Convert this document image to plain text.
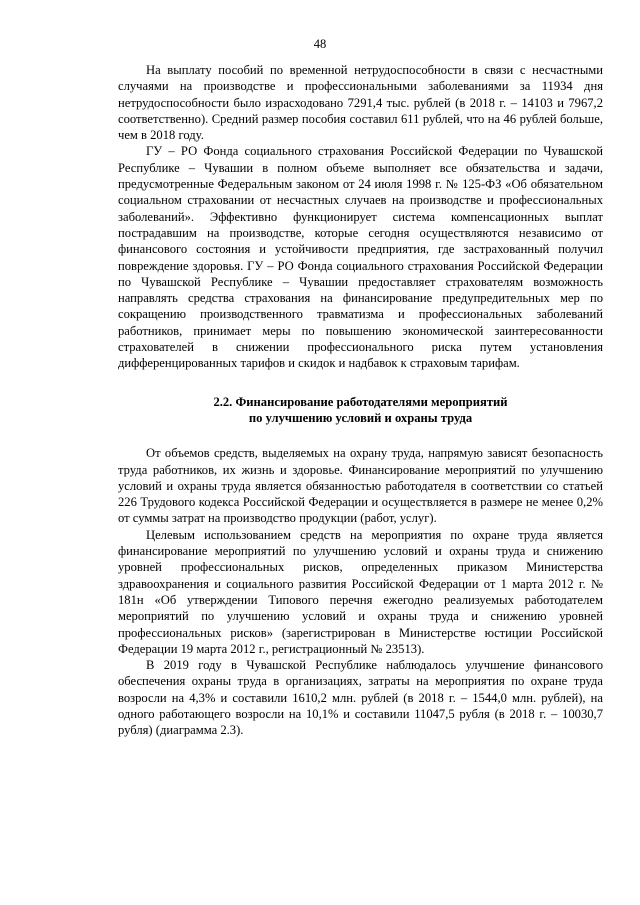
48

На выплату пособий по временной нетрудоспособности в связи с несчастными случаями на производстве и профессиональными заболеваниями за 11934 дня нетрудоспособности было израсходовано 7291,4 тыс. рублей (в 2018 г. – 14103 и 7967,2 соответственно). Средний размер пособия составил 611 рублей, что на 46 рублей больше, чем в 2018 году.

ГУ – РО Фонда социального страхования Российской Федерации по Чувашской Республике – Чувашии в полном объеме выполняет все обязательства и задачи, предусмотренные Федеральным законом от 24 июля 1998 г. № 125-ФЗ «Об обязательном социальном страховании от несчастных случаев на производстве и профессиональных заболеваний». Эффективно функционирует система компенсационных выплат пострадавшим на производстве, которые сегодня осуществляются независимо от финансового состояния и устойчивости предприятия, где застрахованный получил повреждение здоровья. ГУ – РО Фонда социального страхования Российской Федерации по Чувашской Республике – Чувашии предоставляет страхователям возможность направлять средства страхования на финансирование предупредительных мер по сокращению производственного травматизма и профессиональных заболеваний работников, принимает меры по повышению экономической заинтересованности страхователей в снижении профессионального риска путем установления дифференцированных тарифов и скидок и надбавок к страховым тарифам.

2.2. Финансирование работодателями мероприятий
по улучшению условий и охраны труда

От объемов средств, выделяемых на охрану труда, напрямую зависят безопасность труда работников, их жизнь и здоровье. Финансирование мероприятий по улучшению условий и охраны труда является обязанностью работодателя в соответствии со статьей 226 Трудового кодекса Российской Федерации и осуществляется в размере не менее 0,2% от суммы затрат на производство продукции (работ, услуг).

Целевым использованием средств на мероприятия по охране труда является финансирование мероприятий по улучшению условий и охраны труда и снижению уровней профессиональных рисков, определенных приказом Министерства здравоохранения и социального развития Российской Федерации от 1 марта 2012 г. № 181н «Об утверждении Типового перечня ежегодно реализуемых работодателем мероприятий по улучшению условий и охраны труда и снижению уровней профессиональных рисков» (зарегистрирован в Министерстве юстиции Российской Федерации 19 марта 2012 г., регистрационный № 23513).

В 2019 году в Чувашской Республике наблюдалось улучшение финансового обеспечения охраны труда в организациях, затраты на мероприятия по охране труда возросли на 4,3% и составили 1610,2 млн. рублей (в 2018 г. – 1544,0 млн. рублей), на одного работающего возросли на 10,1% и составили 11047,5 рубля (в 2018 г. – 10030,7 рубля) (диаграмма 2.3).
